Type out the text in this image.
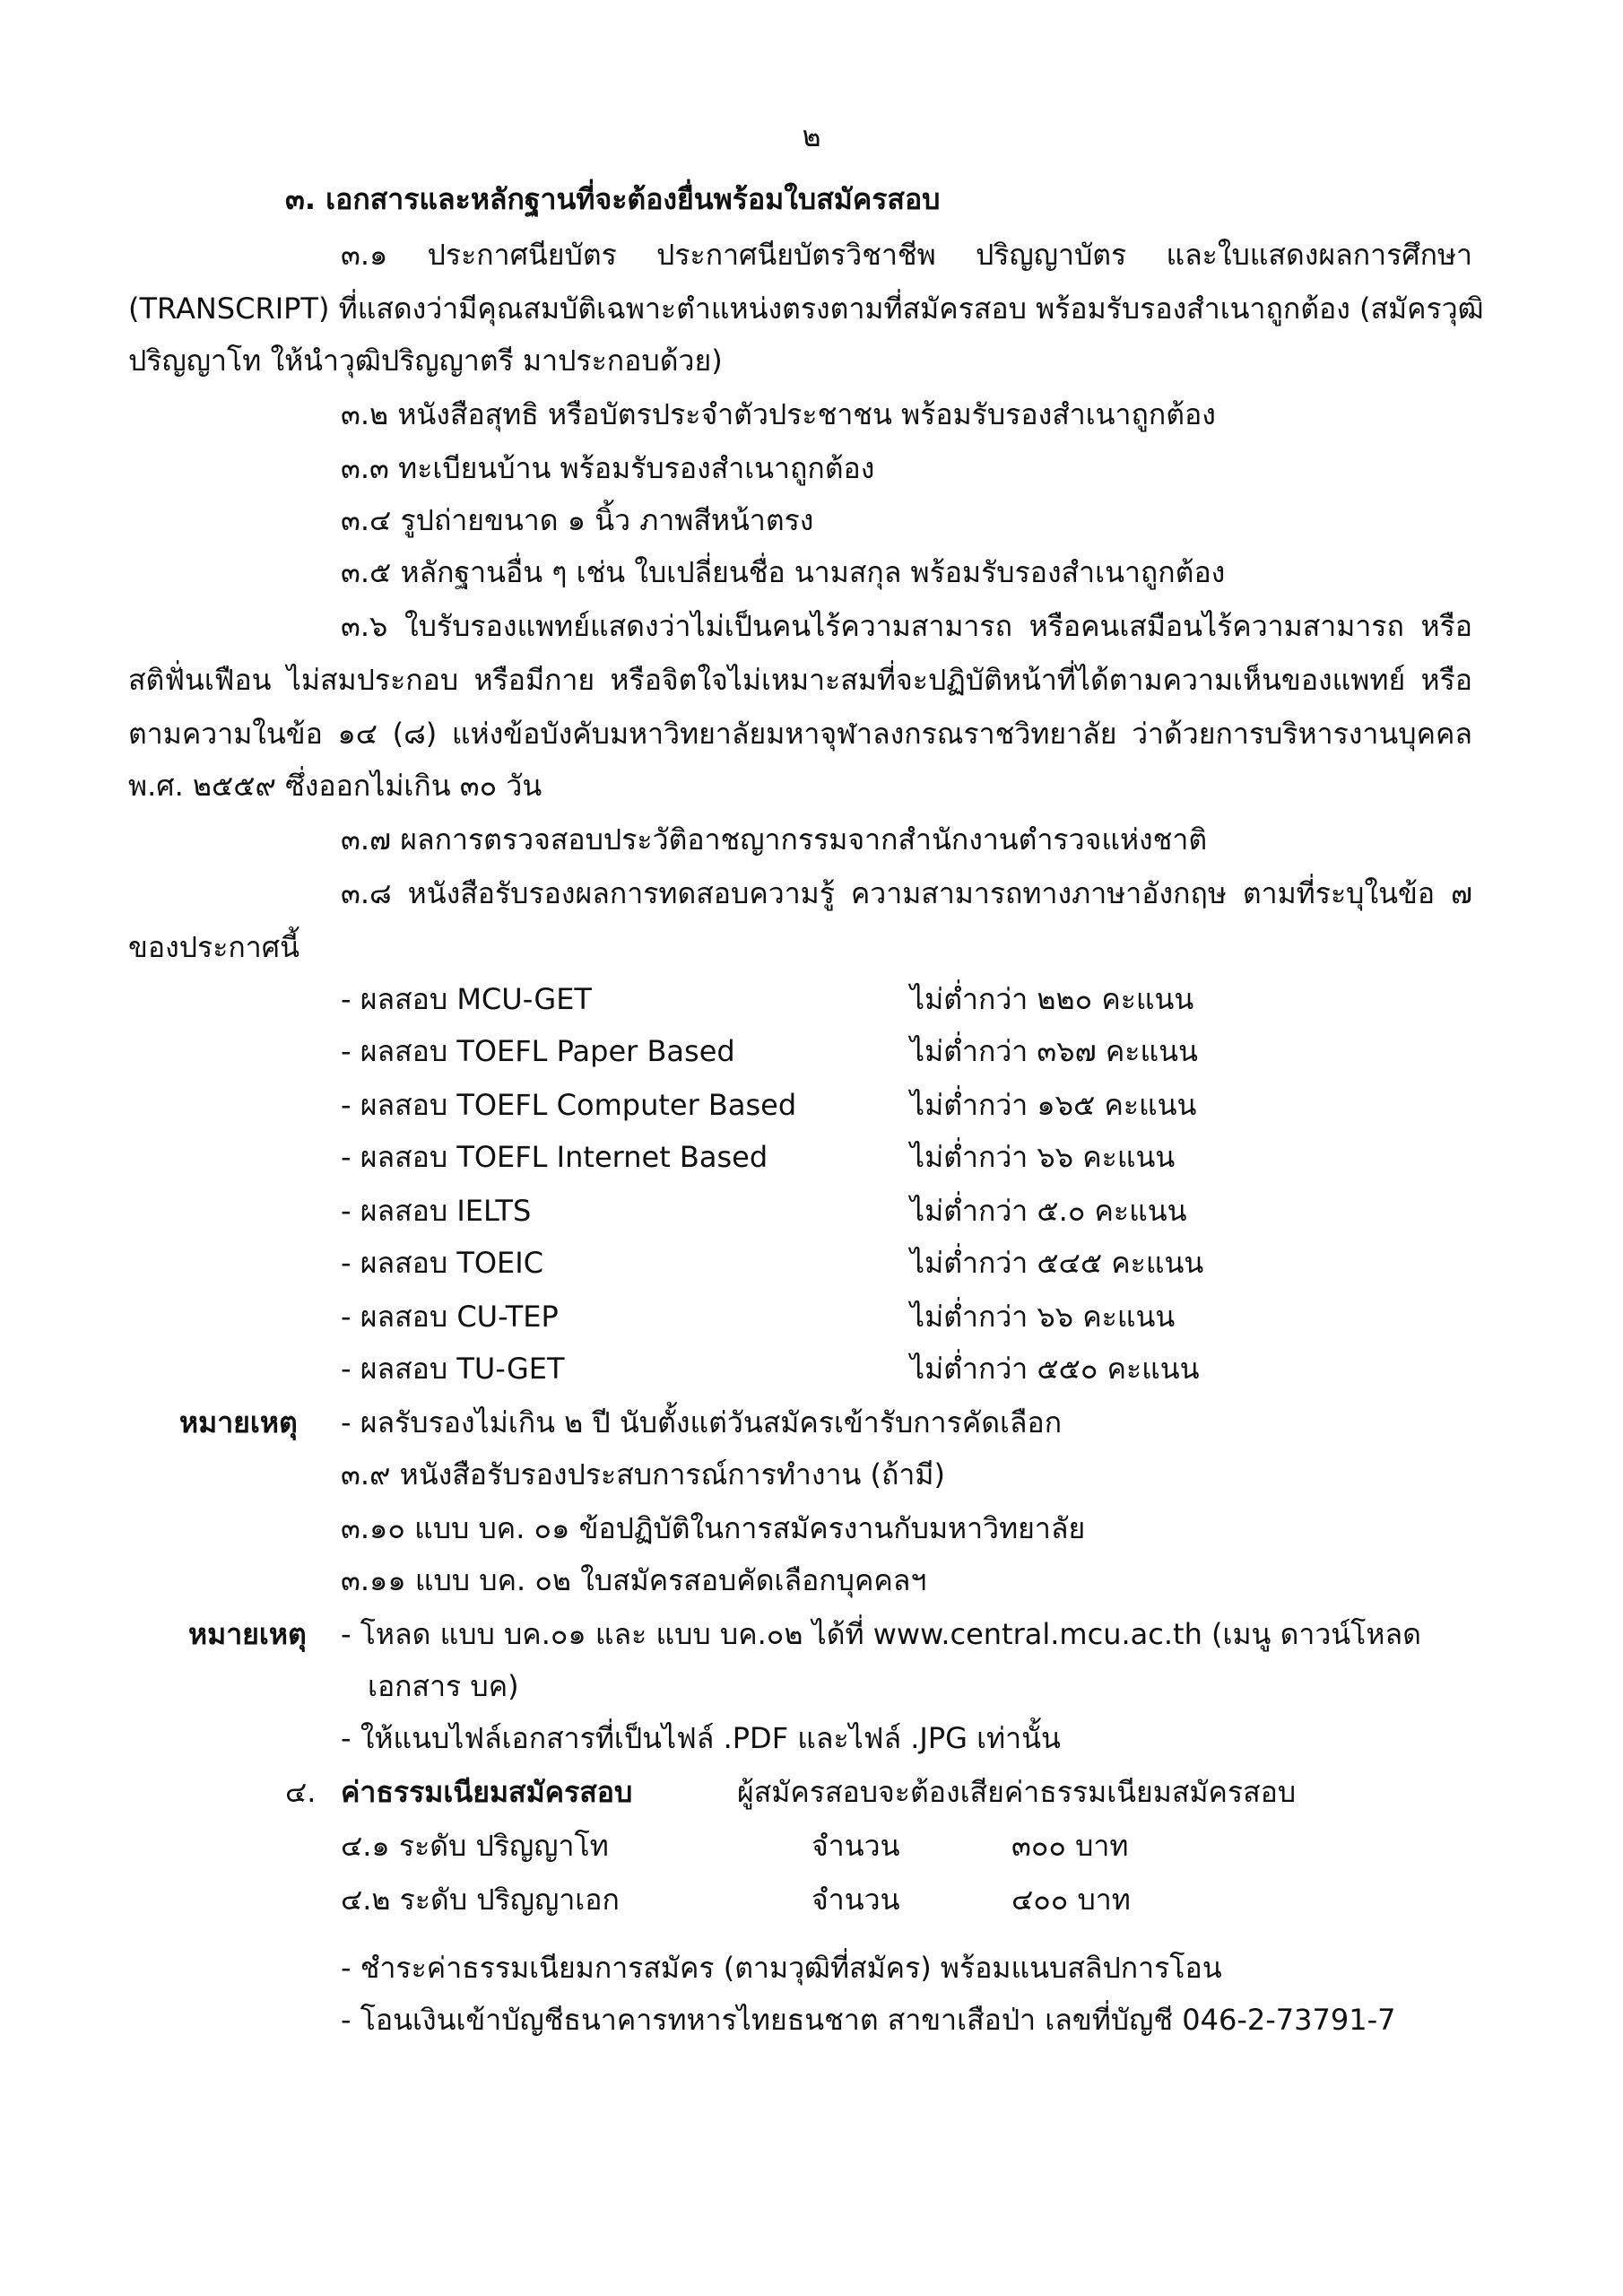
๒
๓. เอกสารและหลักฐานที่จะต้องยื่นพร้อมใบสมัครสอบ
๓.๑ ประกาศนียบัตร ประกาศนียบัตรวิชาชีพ ปริญญาบัตร และใบแสดงผลการศึกษา
(TRANSCRIPT) ที่แสดงว่ามีคุณสมบัติเฉพาะตำแหน่งตรงตามที่สมัครสอบ พร้อมรับรองสำเนาถูกต้อง (สมัครวุฒิ
ปริญญาโท ให้นำวุฒิปริญญาตรี มาประกอบด้วย)
๓.๒ หนังสือสุทธิ หรือบัตรประจำตัวประชาชน พร้อมรับรองสำเนาถูกต้อง
๓.๓ ทะเบียนบ้าน พร้อมรับรองสำเนาถูกต้อง
๓.๔ รูปถ่ายขนาด ๑ นิ้ว ภาพสีหน้าตรง
๓.๕ หลักฐานอื่น ๆ เช่น ใบเปลี่ยนชื่อ นามสกุล พร้อมรับรองสำเนาถูกต้อง
๓.๖ ใบรับรองแพทย์แสดงว่าไม่เป็นคนไร้ความสามารถ หรือคนเสมือนไร้ความสามารถ หรือ
สติฟั่นเฟือน ไม่สมประกอบ หรือมีกาย หรือจิตใจไม่เหมาะสมที่จะปฏิบัติหน้าที่ได้ตามความเห็นของแพทย์ หรือ
ตามความในข้อ ๑๔ (๘) แห่งข้อบังคับมหาวิทยาลัยมหาจุฬาลงกรณราชวิทยาลัย ว่าด้วยการบริหารงานบุคคล
พ.ศ. ๒๕๕๙ ซึ่งออกไม่เกิน ๓๐ วัน
๓.๗ ผลการตรวจสอบประวัติอาชญากรรมจากสำนักงานตำรวจแห่งชาติ
๓.๘ หนังสือรับรองผลการทดสอบความรู้ ความสามารถทางภาษาอังกฤษ ตามที่ระบุในข้อ ๗
ของประกาศนี้
- ผลสอบ MCU-GET	ไม่ต่ำกว่า ๒๒๐ คะแนน
- ผลสอบ TOEFL Paper Based	ไม่ต่ำกว่า ๓๖๗ คะแนน
- ผลสอบ TOEFL Computer Based	ไม่ต่ำกว่า ๑๖๕ คะแนน
- ผลสอบ TOEFL Internet Based	ไม่ต่ำกว่า ๖๖ คะแนน
- ผลสอบ IELTS	ไม่ต่ำกว่า ๕.๐ คะแนน
- ผลสอบ TOEIC	ไม่ต่ำกว่า ๕๔๕ คะแนน
- ผลสอบ CU-TEP	ไม่ต่ำกว่า ๖๖ คะแนน
- ผลสอบ TU-GET	ไม่ต่ำกว่า ๕๕๐ คะแนน
หมายเหตุ - ผลรับรองไม่เกิน ๒ ปี นับตั้งแต่วันสมัครเข้ารับการคัดเลือก
๓.๙ หนังสือรับรองประสบการณ์การทำงาน (ถ้ามี)
๓.๑๐ แบบ บค. ๐๑ ข้อปฏิบัติในการสมัครงานกับมหาวิทยาลัย
๓.๑๑ แบบ บค. ๐๒ ใบสมัครสอบคัดเลือกบุคคลฯ
หมายเหตุ - โหลด แบบ บค.๐๑ และ แบบ บค.๐๒ ได้ที่ www.central.mcu.ac.th (เมนู ดาวน์โหลด
เอกสาร บค)
- ให้แนบไฟล์เอกสารที่เป็นไฟล์ .PDF และไฟล์ .JPG เท่านั้น
๔. ค่าธรรมเนียมสมัครสอบ	ผู้สมัครสอบจะต้องเสียค่าธรรมเนียมสมัครสอบ
๔.๑ ระดับ ปริญญาโท	จำนวน	๓๐๐ บาท
๔.๒ ระดับ ปริญญาเอก	จำนวน	๔๐๐ บาท
- ชำระค่าธรรมเนียมการสมัคร (ตามวุฒิที่สมัคร) พร้อมแนบสลิปการโอน
- โอนเงินเข้าบัญชีธนาคารทหารไทยธนชาต สาขาเสือป่า เลขที่บัญชี 046-2-73791-7
